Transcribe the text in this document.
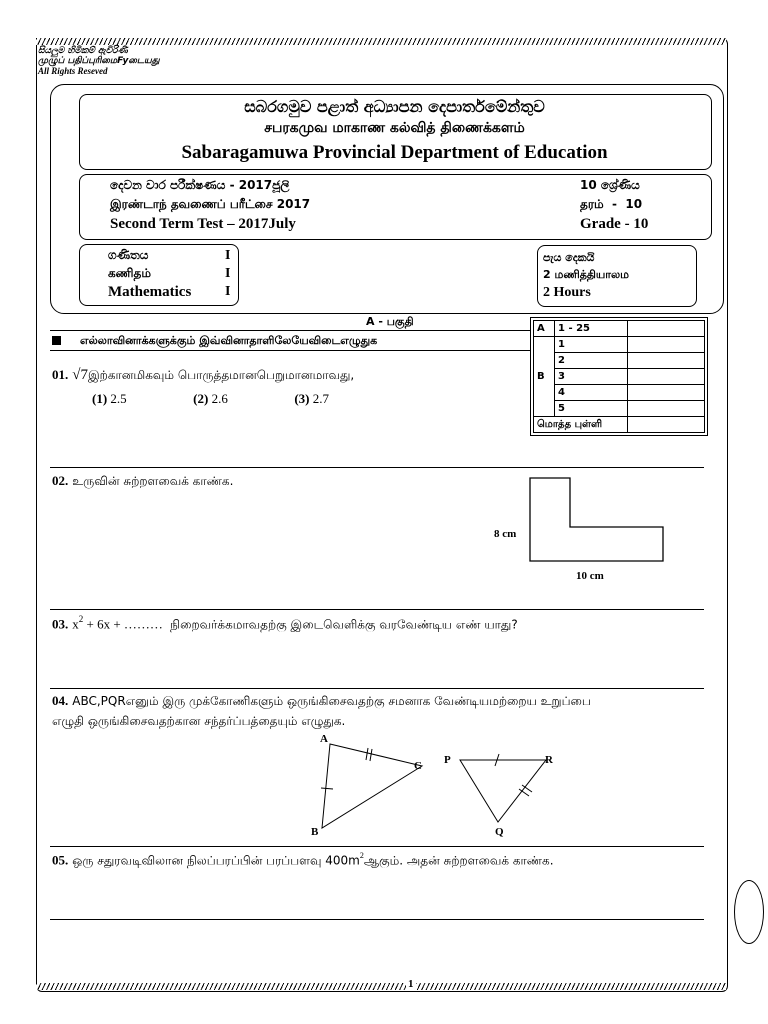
සියලුම හිමිකම් ඇවිරිණි
முழுப் பதிப்புரிமைFyடையது
All Rights Reseved
සබරගමුව පළාත් අධ්‍යාපන දෙපාර්තමේන්තුව
சபரகமுவ மாகாண கல்வித் திணைக்களம்
Sabaragamuwa Provincial Department of Education
දෙවන වාර පරීක්ෂණය - 2017ජූලි
இரண்டாந் தவணைப் பரீட்சை 2017
Second Term Test – 2017July
10 ශ්‍රේණිය
தரம்  -  10
Grade - 10
ගණිතය
கணிதம்
Mathematics
I
I
I
පැය දෙකයි
2 மணித்தியாலம
2 Hours
A - பகுதி
எல்லாவினாக்களுக்கும் இவ்வினாதாளிலேயேவிடைஎழுதுக
A	1 - 25	
B	1	
	2	
	3	
	4	
	5	
மொத்த புள்ளி		
01. √7இற்கானமிகவும் பொருத்தமானபெறுமானமாவது,
(1) 2.5	(2) 2.6	(3) 2.7
02. உருவின் சுற்றளவைக் காண்க.
8 cm
10 cm
03. $x^2 + 6x$ + ………  நிறைவர்க்கமாவதற்கு இடைவெளிக்கு வரவேண்டிய எண் யாது?
04. ABC,PQRஎனும் இரு முக்கோணிகளும் ஒருங்கிசைவதற்கு சமனாக வேண்டியமற்றைய உறுப்பை
எழுதி ஒருங்கிசைவதற்கான சந்தர்ப்பத்தையும் எழுதுக.
A
C
B
P	R
Q
05. ஒரு சதுரவடிவிலான நிலப்பரப்பின் பரப்பளவு $400m^2ஆகும்$. அதன் சுற்றளவைக் காண்க.
1
